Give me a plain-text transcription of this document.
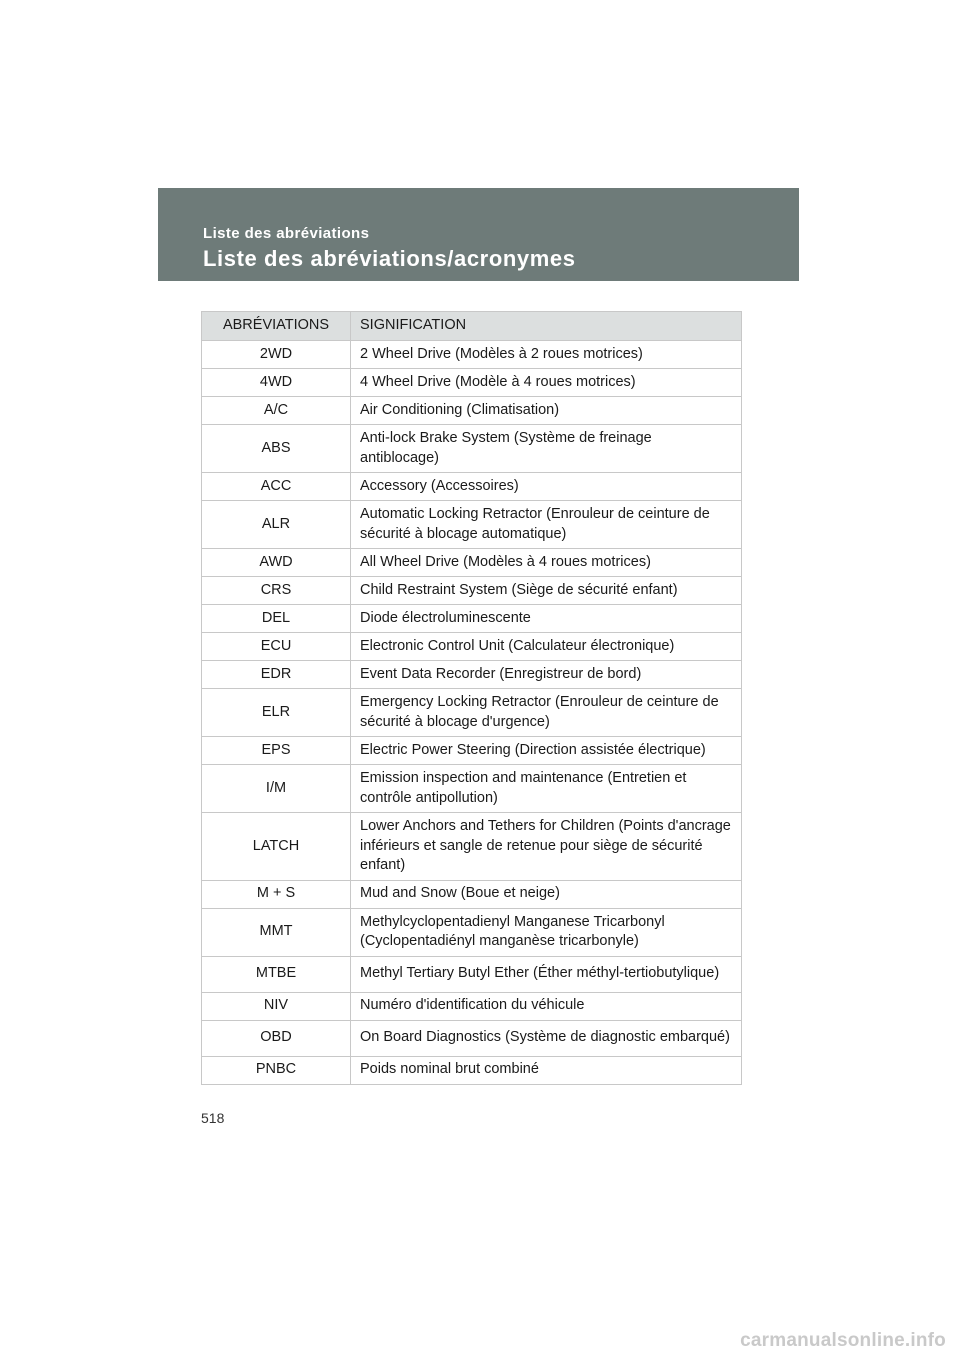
Liste des abréviations
Liste des abréviations/acronymes
ABRÉVIATIONS	SIGNIFICATION
2WD	2 Wheel Drive (Modèles à 2 roues motrices)
4WD	4 Wheel Drive (Modèle à 4 roues motrices)
A/C	Air Conditioning (Climatisation)
ABS	Anti-lock Brake System (Système de freinage antiblocage)
ACC	Accessory (Accessoires)
ALR	Automatic Locking Retractor (Enrouleur de ceinture de sécurité à blocage automatique)
AWD	All Wheel Drive (Modèles à 4 roues motrices)
CRS	Child Restraint System (Siège de sécurité enfant)
DEL	Diode électroluminescente
ECU	Electronic Control Unit (Calculateur électronique)
EDR	Event Data Recorder (Enregistreur de bord)
ELR	Emergency Locking Retractor (Enrouleur de ceinture de sécurité à blocage d'urgence)
EPS	Electric Power Steering (Direction assistée électrique)
I/M	Emission inspection and maintenance (Entretien et contrôle antipollution)
LATCH	Lower Anchors and Tethers for Children (Points d'ancrage inférieurs et sangle de retenue pour siège de sécurité enfant)
M + S	Mud and Snow (Boue et neige)
MMT	Methylcyclopentadienyl Manganese Tricarbonyl (Cyclopentadiényl manganèse tricarbonyle)
MTBE	Methyl Tertiary Butyl Ether (Éther méthyl-tertiobutylique)
NIV	Numéro d'identification du véhicule
OBD	On Board Diagnostics (Système de diagnostic embarqué)
PNBC	Poids nominal brut combiné
518
carmanualsonline.info
